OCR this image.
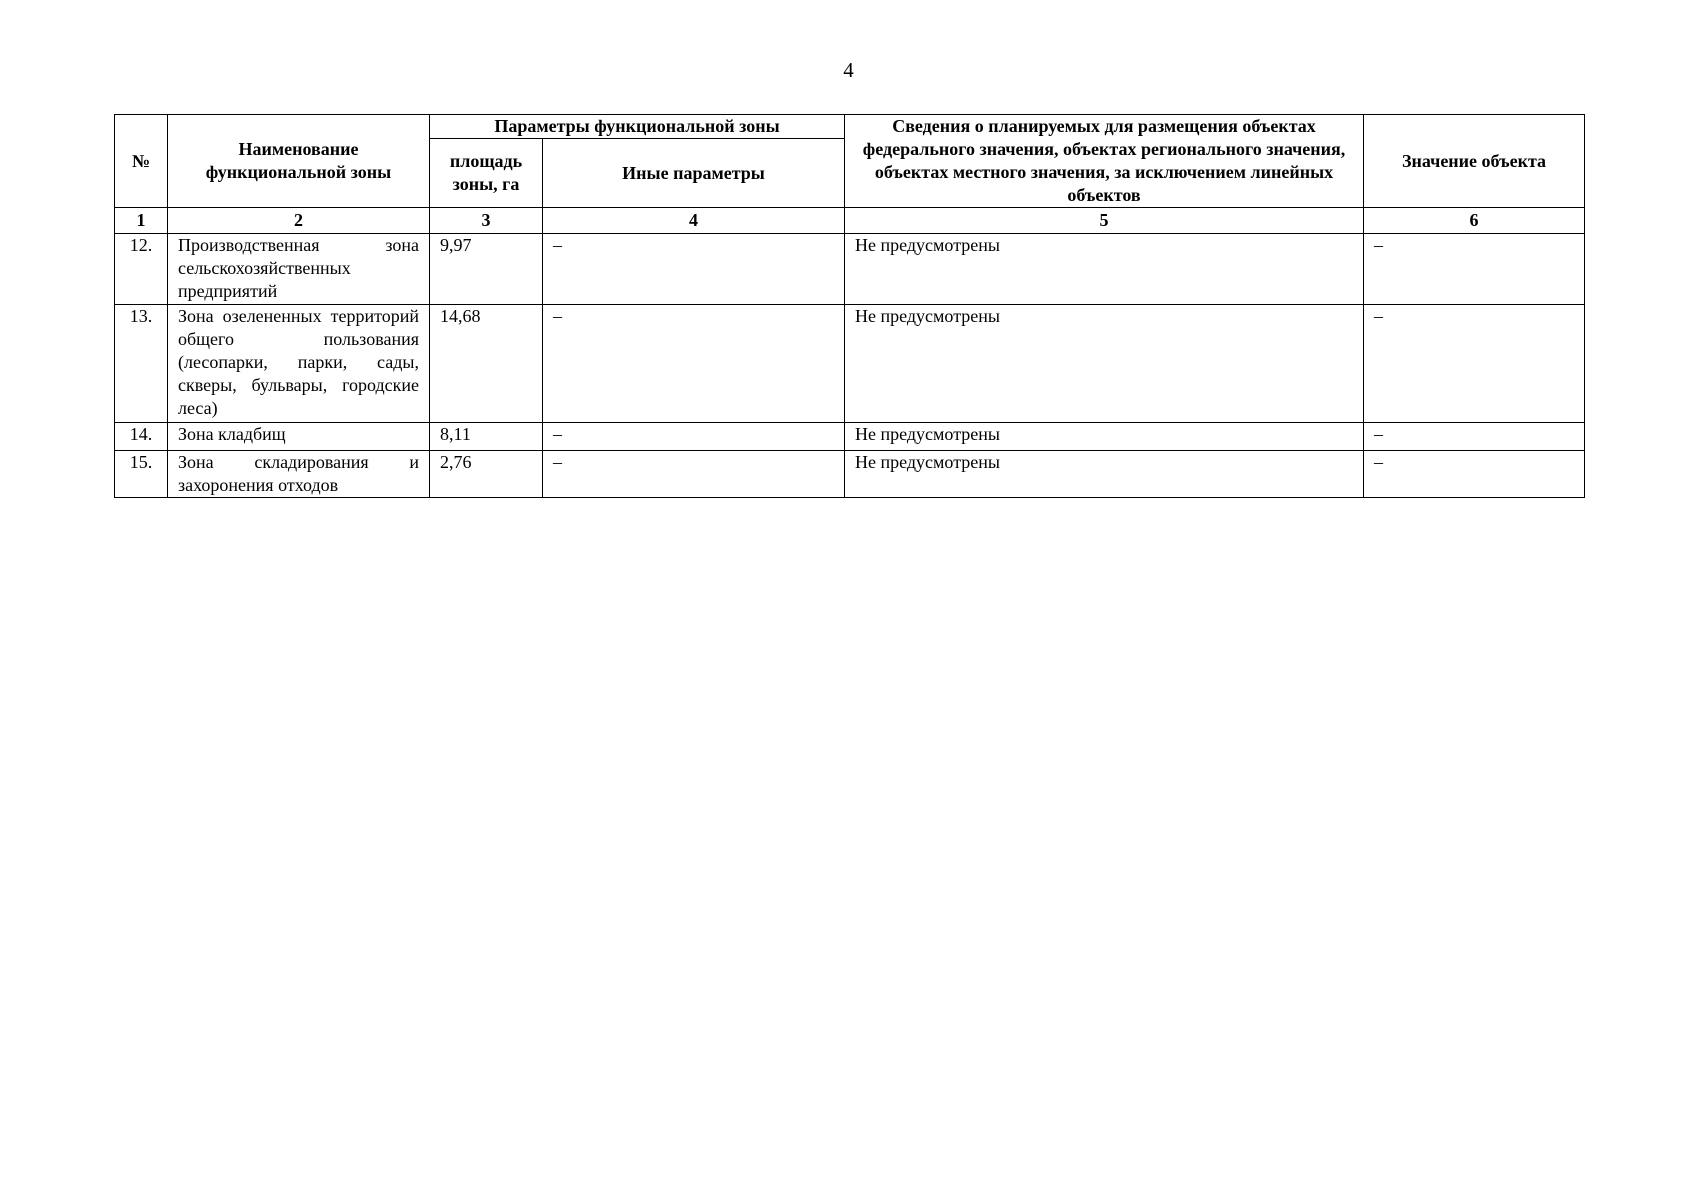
4
№	Наименование функциональной зоны	Параметры функциональной зоны		Сведения о планируемых для размещения объектах федерального значения, объектах регионального значения, объектах местного значения, за исключением линейных объектов	Значение объекта
		площадь зоны, га	Иные параметры		
1	2	3	4	5	6
12.	Производственная зона сельскохозяйственных предприятий	9,97	–	Не предусмотрены	–
13.	Зона озелененных территорий общего пользования (лесопарки, парки, сады, скверы, бульвары, городские леса)	14,68	–	Не предусмотрены	–
14.	Зона кладбищ	8,11	–	Не предусмотрены	–
15.	Зона складирования и захоронения отходов	2,76	–	Не предусмотрены	–
